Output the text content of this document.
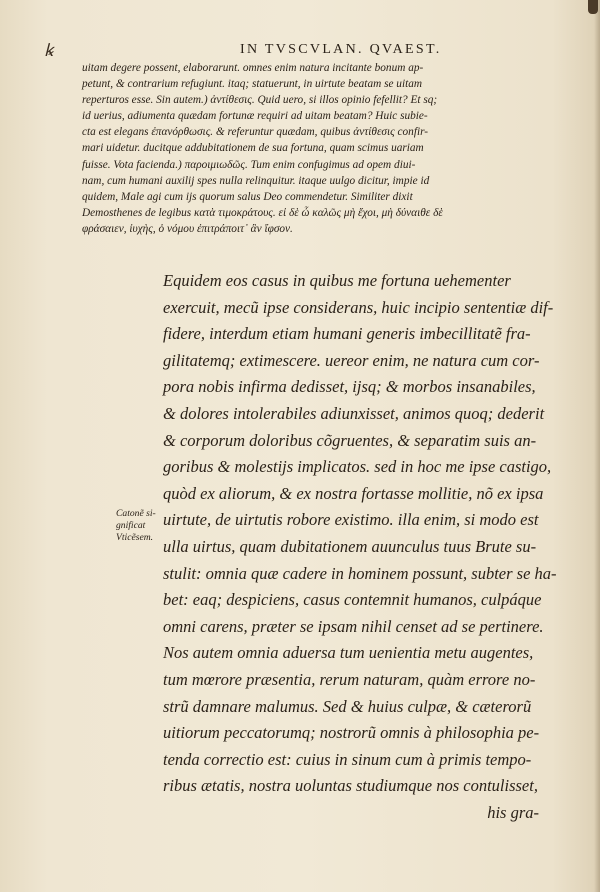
ꝃ	IN TVSCVLAN. QVAEST.
uitam degere possent, elaborarunt. omnes enim natura incitante bonum ap-
petunt, & contrarium refugiunt. itaq; statuerunt, in uirtute beatam se uitam
reperturos esse. Sin autem.) ἀντίθεσις. Quid uero, si illos opinio fefellit? Et sq;
id uerius, adiumenta quædam fortunæ requiri ad uitam beatam? Huic subie-
cta est elegans ἐπανόρθωσις. & referuntur quædam, quibus ἀντίθεσις confir-
mari uidetur. ducitque addubitationem de sua fortuna, quam scimus uariam
fuisse. Vota facienda.) παροιμιωδῶς. Tum enim confugimus ad opem diui-
nam, cum humani auxilij spes nulla relinquitur. itaque uulgo dicitur, impie id
quidem, Male agi cum ijs quorum salus Deo commendetur. Similiter dixit
Demosthenes de legibus κατὰ τιμοκράτους. εἰ δὲ ὦ καλῶς μὴ ἔχοι, μὴ δύναιθε δὲ
φράσαιεν, ἰυχὴς, ὁ νόμου ἐπιτράποιτ᾽ ἂν ἴφσον.
Catonẽ si-
gnificat
Vticẽsem.
Equidem eos casus in quibus me fortuna uehementer
exercuit, mecũ ipse considerans, huic incipio sententiæ dif-
fidere, interdum etiam humani generis imbecillitatẽ fra-
gilitatemq; extimescere. uereor enim, ne natura cum cor-
pora nobis infirma dedisset, ijsq; & morbos insanabiles,
& dolores intolerabiles adiunxisset, animos quoq; dederit
& corporum doloribus cõgruentes, & separatim suis an-
goribus & molestijs implicatos. sed in hoc me ipse castigo,
quòd ex aliorum, & ex nostra fortasse mollitie, nõ ex ipsa
uirtute, de uirtutis robore existimo. illa enim, si modo est
ulla uirtus, quam dubitationem auunculus tuus Brute su-
stulit: omnia quæ cadere in hominem possunt, subter se ha-
bet: eaq; despiciens, casus contemnit humanos, culpáque
omni carens, præter se ipsam nihil censet ad se pertinere.
Nos autem omnia aduersa tum uenientia metu augentes,
tum mœrore præsentia, rerum naturam, quàm errore no-
strũ damnare malumus. Sed & huius culpæ, & cæterorũ
uitiorum peccatorumq; nostrorũ omnis à philosophia pe-
tenda correctio est: cuius in sinum cum à primis tempo-
ribus ætatis, nostra uoluntas studiumque nos contulisset,
his gra-
